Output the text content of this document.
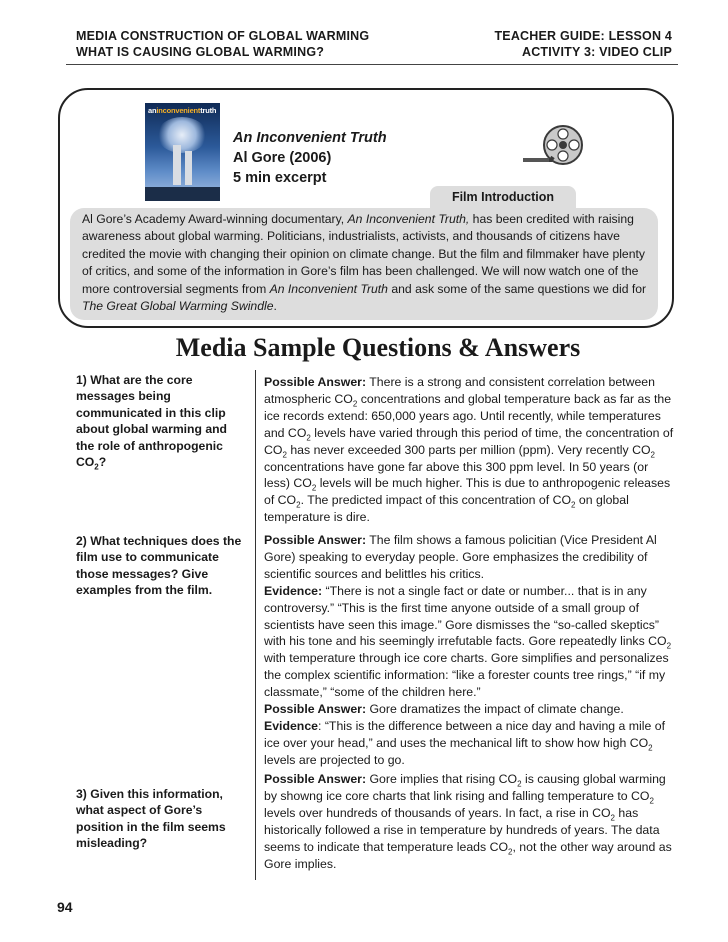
MEDIA CONSTRUCTION OF GLOBAL WARMING
WHAT IS CAUSING GLOBAL WARMING?
TEACHER GUIDE: LESSON 4
ACTIVITY 3: VIDEO CLIP
aninconvenienttruth
An Inconvenient Truth
Al Gore (2006)
5 min excerpt
Film Introduction

Al Gore’s Academy Award-winning documentary, An Inconvenient Truth, has been credited with raising awareness about global warming. Politicians, industrialists, activists, and thousands of citizens have credited the movie with changing their opinion on climate change. But the film and filmmaker have plenty of critics, and some of the information in Gore’s film has been challenged. We will now watch one of the more controversial segments from An Inconvenient Truth and ask some of the same questions we did for The Great Global Warming Swindle.

Media Sample Questions & Answers

1) What are the core messages being communicated in this clip about global warming and the role of anthropogenic $CO_2$?

Possible Answer: There is a strong and consistent correlation between atmospheric $CO_2$ concentrations and global temperature back as far as the ice records extend: 650,000 years ago. Until recently, while temperatures and $CO_2$ levels have varied through this period of time, the concentration of $CO_2$ has never exceeded 300 parts per million (ppm). Very recently $CO_2$ concentrations have gone far above this 300 ppm level. In 50 years (or less) $CO_2$ levels will be much higher. This is due to anthropogenic releases of $CO_2$. The predicted impact of this concentration of $CO_2$ on global temperature is dire.

2) What techniques does the film use to communicate those messages? Give examples from the film.

Possible Answer: The film shows a famous policitian (Vice President Al Gore) speaking to everyday people. Gore emphasizes the credibility of scientific sources and belittles his critics.
Evidence: “There is not a single fact or date or number... that is in any controversy.” “This is the first time anyone outside of a small group of scientists have seen this image.” Gore dismisses the “so-called skeptics” with his tone and his seemingly irrefutable facts. Gore repeatedly links $CO_2$ with temperature through ice core charts. Gore simplifies and personalizes the complex scientific information: “like a forester counts tree rings,” “if my classmate,” “some of the children here.”
Possible Answer: Gore dramatizes the impact of climate change.
Evidence: “This is the difference between a nice day and having a mile of ice over your head,” and uses the mechanical lift to show how high $CO_2$ levels are projected to go.

3) Given this information, what aspect of Gore’s position in the film seems misleading?

Possible Answer: Gore implies that rising $CO_2$ is causing global warming by showng ice core charts that link rising and falling temperature to $CO_2$ levels over hundreds of thousands of years. In fact, a rise in $CO_2$ has historically followed a rise in temperature by hundreds of years. The data seems to indicate that temperature leads $CO_2$, not the other way around as Gore implies.

94
